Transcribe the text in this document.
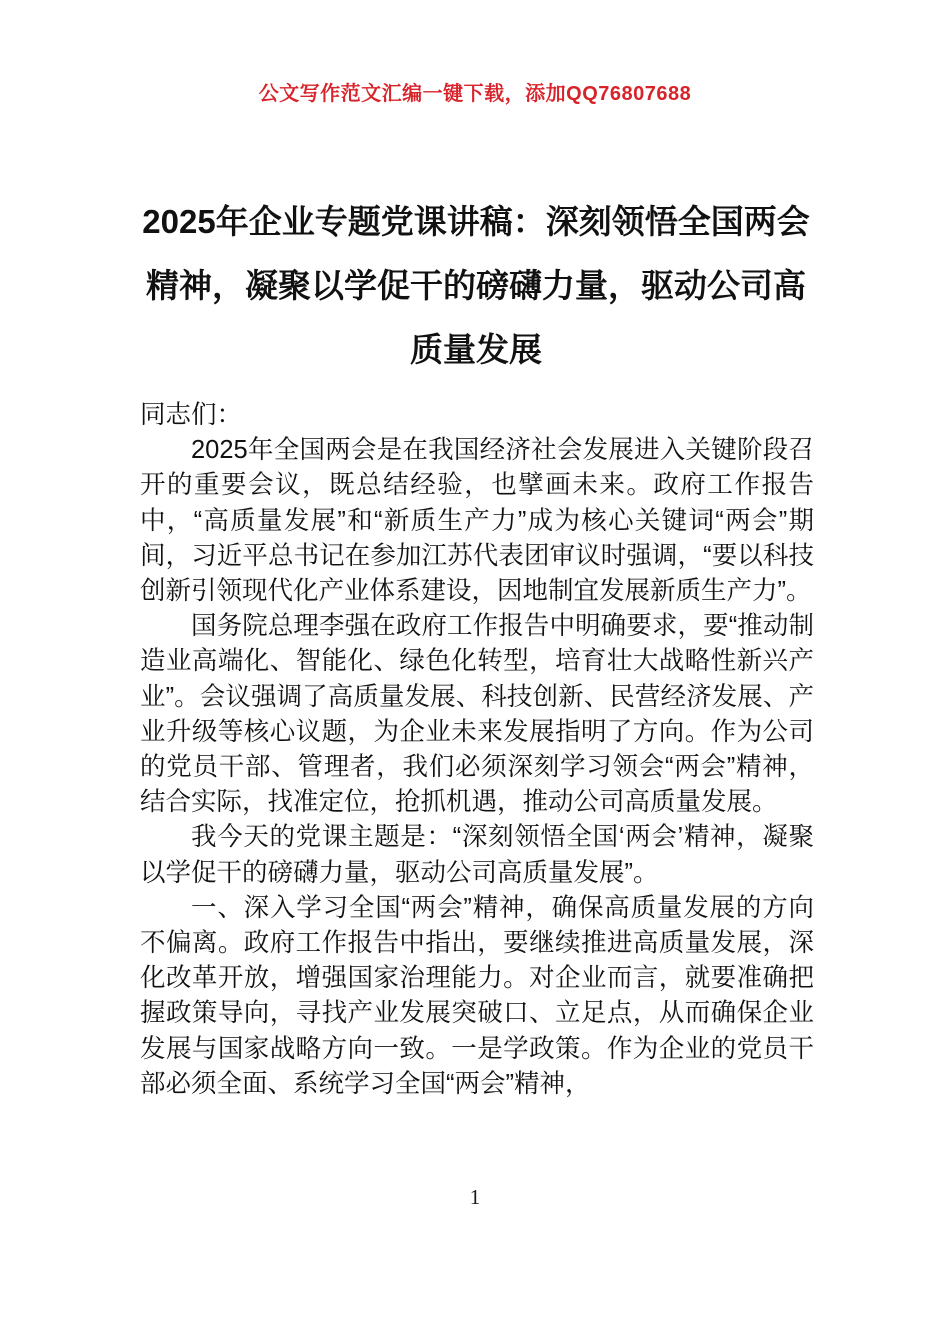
公文写作范文汇编一键下载，添加QQ76807688
2025年企业专题党课讲稿：深刻领悟全国两会精神，凝聚以学促干的磅礴力量，驱动公司高质量发展

同志们：

2025年全国两会是在我国经济社会发展进入关键阶段召开的重要会议，既总结经验，也擘画未来。政府工作报告中，“高质量发展”和“新质生产力”成为核心关键词“两会”期间，习近平总书记在参加江苏代表团审议时强调，“要以科技创新引领现代化产业体系建设，因地制宜发展新质生产力”。

国务院总理李强在政府工作报告中明确要求，要“推动制造业高端化、智能化、绿色化转型，培育壮大战略性新兴产业”。会议强调了高质量发展、科技创新、民营经济发展、产业升级等核心议题，为企业未来发展指明了方向。作为公司的党员干部、管理者，我们必须深刻学习领会“两会”精神，结合实际，找准定位，抢抓机遇，推动公司高质量发展。

我今天的党课主题是：“深刻领悟全国‘两会’精神，凝聚以学促干的磅礴力量，驱动公司高质量发展”。

一、深入学习全国“两会”精神，确保高质量发展的方向不偏离。政府工作报告中指出，要继续推进高质量发展，深化改革开放，增强国家治理能力。对企业而言，就要准确把握政策导向，寻找产业发展突破口、立足点，从而确保企业发展与国家战略方向一致。一是学政策。作为企业的党员干部必须全面、系统学习全国“两会”精神，

1
